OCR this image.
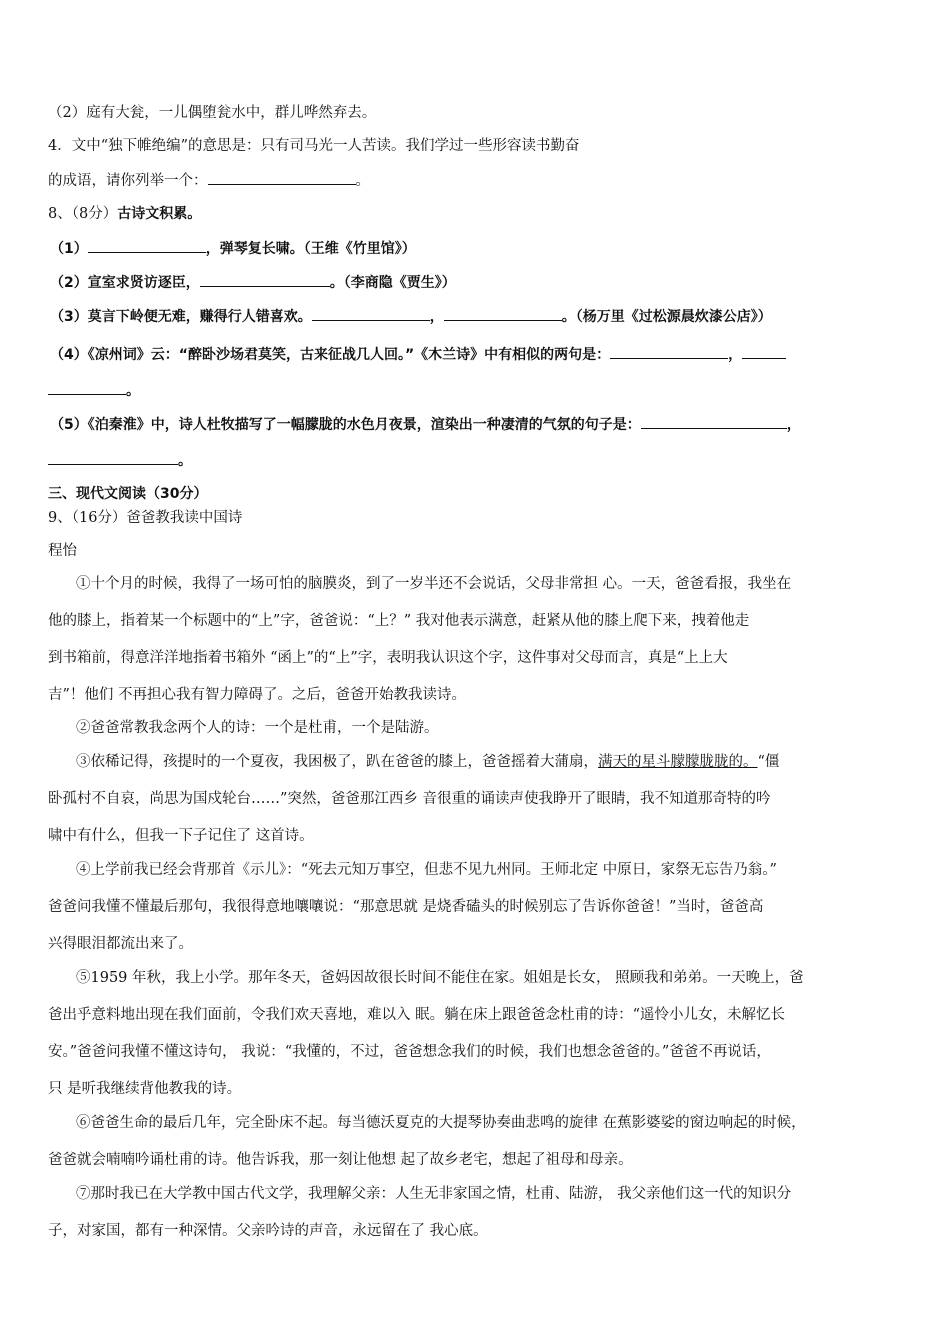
（2）庭有大瓮，一儿偶堕瓮水中，群儿哗然弃去。
4．文中“独下帷绝编”的意思是：只有司马光一人苦读。我们学过一些形容读书勤奋
的成语，请你列举一个：	。
8、（8分）古诗文积累。
（1）	，弹琴复长啸。（王维《竹里馆》）
（2）宣室求贤访逐臣，	。（李商隐《贾生》）
（3）莫言下岭便无难，赚得行人错喜欢。	，	。（杨万里《过松源晨炊漆公店》）
（4）《凉州词》云：“醉卧沙场君莫笑，古来征战几人回。”《木兰诗》中有相似的两句是：	，
。
（5）《泊秦淮》中，诗人杜牧描写了一幅朦胧的水色月夜景，渲染出一种凄清的气氛的句子是：	，
。
三、现代文阅读（30分）
9、（16分）爸爸教我读中国诗
程怡
①十个月的时候，我得了一场可怕的脑膜炎，到了一岁半还不会说话，父母非常担 心。一天，爸爸看报，我坐在
他的膝上，指着某一个标题中的“上”字，爸爸说：“上？” 我对他表示满意，赶紧从他的膝上爬下来，拽着他走
到书箱前，得意洋洋地指着书箱外 “函上”的“上”字，表明我认识这个字，这件事对父母而言，真是“上上大
吉”！他们 不再担心我有智力障碍了。之后，爸爸开始教我读诗。
②爸爸常教我念两个人的诗：一个是杜甫，一个是陆游。
③依稀记得，孩提时的一个夏夜，我困极了，趴在爸爸的膝上，爸爸摇着大蒲扇，满天的星斗朦朦胧胧的。“僵
卧孤村不自哀，尚思为国戍轮台……”突然，爸爸那江西乡 音很重的诵读声使我睁开了眼睛，我不知道那奇特的吟
啸中有什么，但我一下子记住了 这首诗。
④上学前我已经会背那首《示儿》：“死去元知万事空，但悲不见九州同。王师北定 中原日，家祭无忘告乃翁。”
爸爸问我懂不懂最后那句，我很得意地嚷嚷说：“那意思就 是烧香磕头的时候别忘了告诉你爸爸！”当时，爸爸高
兴得眼泪都流出来了。
⑤1959 年秋，我上小学。那年冬天，爸妈因故很长时间不能住在家。姐姐是长女， 照顾我和弟弟。一天晚上，爸
爸出乎意料地出现在我们面前，令我们欢天喜地，难以入 眠。躺在床上跟爸爸念杜甫的诗：“遥怜小儿女，未解忆长
安。”爸爸问我懂不懂这诗句， 我说：“我懂的，不过，爸爸想念我们的时候，我们也想念爸爸的。”爸爸不再说话，
只 是听我继续背他教我的诗。
⑥爸爸生命的最后几年，完全卧床不起。每当德沃夏克的大提琴协奏曲悲鸣的旋律 在蕉影婆娑的窗边响起的时候，
爸爸就会喃喃吟诵杜甫的诗。他告诉我，那一刻让他想 起了故乡老宅，想起了祖母和母亲。
⑦那时我已在大学教中国古代文学，我理解父亲：人生无非家国之情，杜甫、陆游， 我父亲他们这一代的知识分
子，对家国，都有一种深情。父亲吟诗的声音，永远留在了 我心底。
